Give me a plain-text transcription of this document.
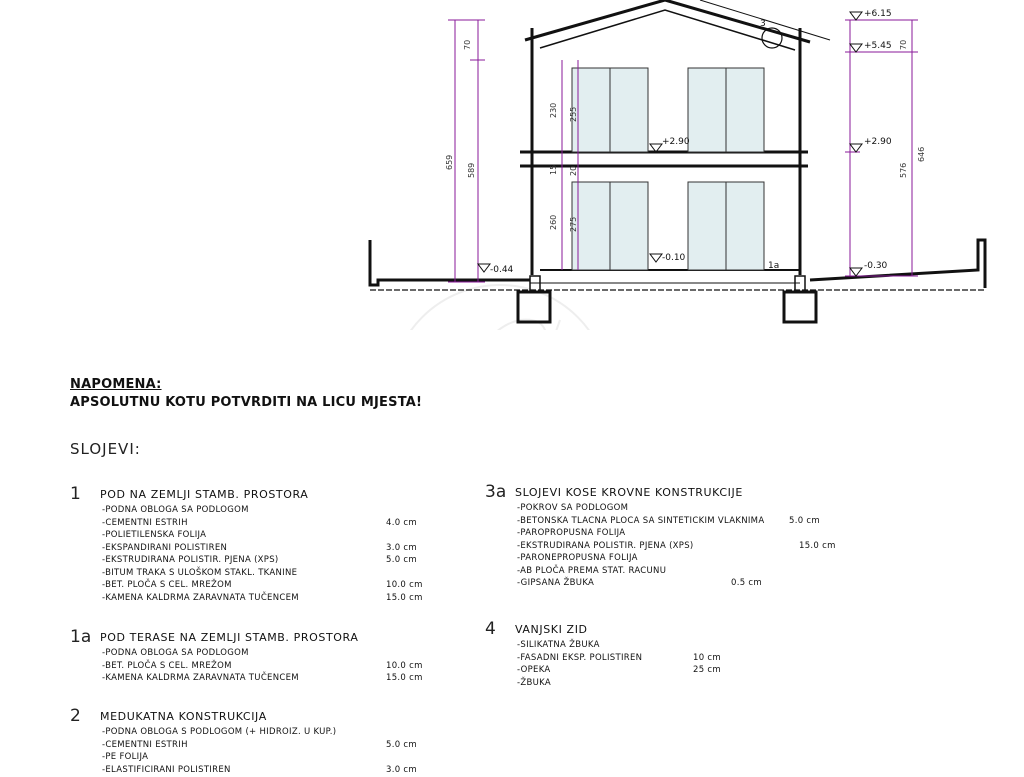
70
659
589
70
646
576
230 255
260 275
15 20
+6.15
+5.45
+2.90
+2.90
-0.10
-0.44	-0.30
3
1a
NAPOMENA:
APSOLUTNU KOTU POTVRDITI NA LICU MJESTA!
SLOJEVI:
1 POD NA ZEMLJI STAMB. PROSTORA
-PODNA OBLOGA SA PODLOGOM
-CEMENTNI ESTRIH	4.0 cm
-POLIETILENSKA FOLIJA
-EKSPANDIRANI POLISTIREN	3.0 cm
-EKSTRUDIRANA POLISTIR. PJENA (XPS)	5.0 cm
-BITUM TRAKA S ULOŠKOM STAKL. TKANINE
-BET. PLOČA S CEL. MREŽOM	10.0 cm
-KAMENA KALDRMA ZARAVNATA TUČENCEM	15.0 cm
1a POD TERASE NA ZEMLJI STAMB. PROSTORA
-PODNA OBLOGA SA PODLOGOM
-BET. PLOČA S CEL. MREŽOM	10.0 cm
-KAMENA KALDRMA ZARAVNATA TUČENCEM	15.0 cm
2 MEDUKATNA KONSTRUKCIJA
-PODNA OBLOGA S PODLOGOM (+ HIDROIZ. U KUP.)
-CEMENTNI ESTRIH	5.0 cm
-PE FOLIJA
-ELASTIFICIRANI POLISTIREN	3.0 cm
3a SLOJEVI KOSE KROVNE KONSTRUKCIJE
-POKROV SA PODLOGOM
-BETONSKA TLACNA PLOCA SA SINTETICKIM VLAKNIMA	5.0 cm
-PAROPROPUSNA FOLIJA
-EKSTRUDIRANA POLISTIR. PJENA (XPS)	15.0 cm
-PARONEPROPUSNA FOLIJA
-AB PLOČA PREMA STAT. RACUNU
-GIPSANA ŽBUKA	0.5 cm
4 VANJSKI ZID
-SILIKATNA ŽBUKA
-FASADNI EKSP. POLISTIREN	10 cm
-OPEKA	25 cm
-ŽBUKA
